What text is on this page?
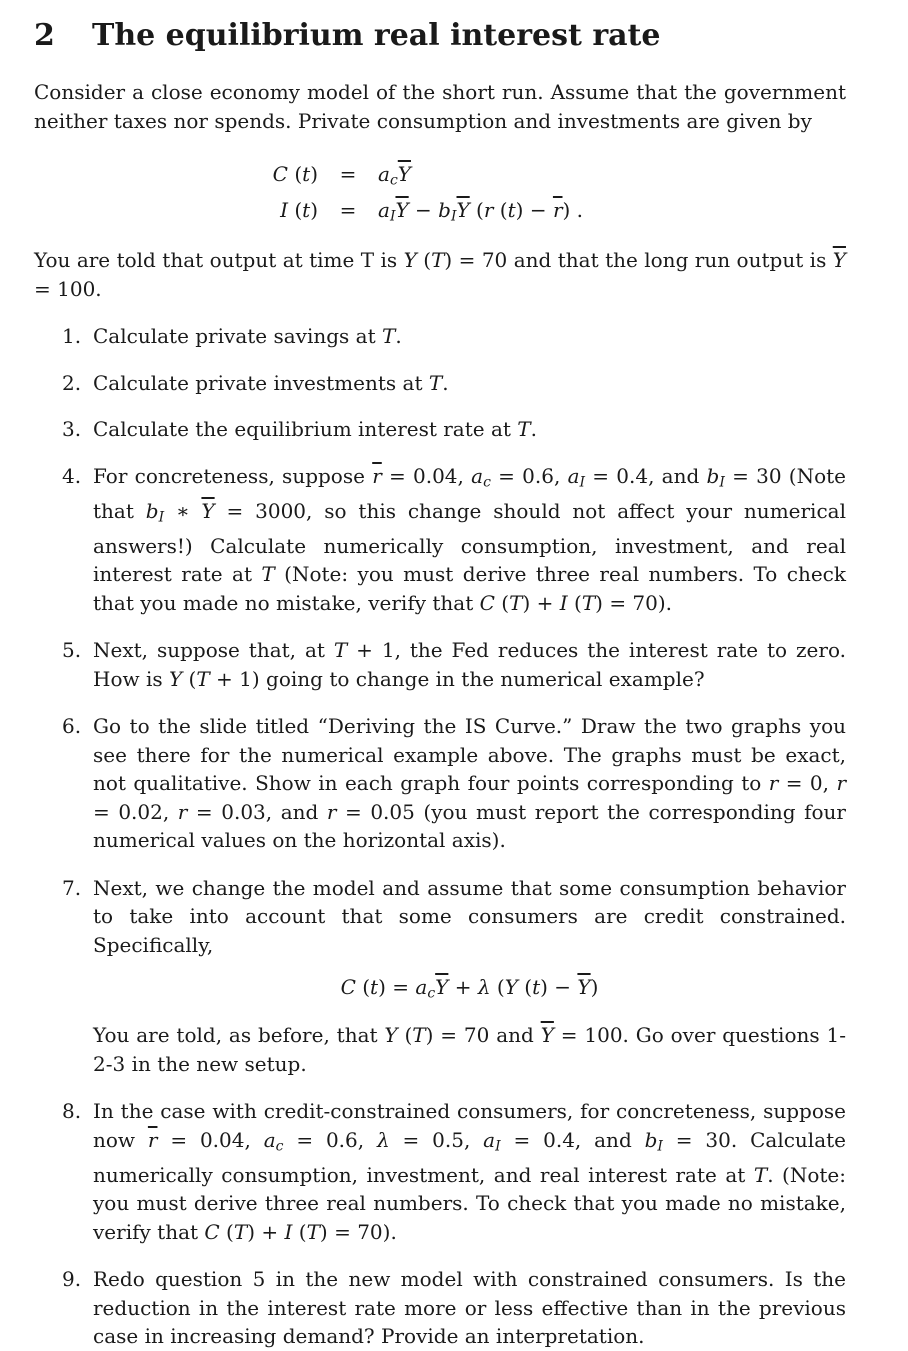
2 The equilibrium real interest rate

Consider a close economy model of the short run. Assume that the government neither taxes nor spends. Private consumption and investments are given by

C (t)	=	$a_c\overline{Y}$
I (t)	=	$a_I\overline{Y} - b_I\overline{Y}$ (r $(t) - \overline{r}$) .

You are told that output at time T is Y (T) = 70 and that the long run output is $\overline{Y} = 100$.

1. Calculate private savings at T.
2. Calculate private investments at T.
3. Calculate the equilibrium interest rate at T.
4. For concreteness, suppose $\overline{r} = 0.04$, $a_c = 0.6$, $a_I = 0.4$, and $b_I = 30$ (Note that $b_I$ ∗ $\overline{Y} = 3000$, so this change should not affect your numerical answers!) Calculate numerically consumption, investment, and real interest rate at T (Note: you must derive three real numbers. To check that you made no mistake, verify that C (T) + I (T) = 70).
5. Next, suppose that, at T + 1, the Fed reduces the interest rate to zero. How is Y (T + 1) going to change in the numerical example?
6. Go to the slide titled “Deriving the IS Curve.” Draw the two graphs you see there for the numerical example above. The graphs must be exact, not qualitative. Show in each graph four points corresponding to r = 0, r = 0.02, r = 0.03, and r = 0.05 (you must report the corresponding four numerical values on the horizontal axis).
7. Next, we change the model and assume that some consumption behavior to take into account that some consumers are credit constrained. Specifically,
C $(t) = a_c\overline{Y} + \lambda$ (Y $(t) - \overline{Y}$)
You are told, as before, that Y (T) = 70 and $\overline{Y} = 100$. Go over questions 1-2-3 in the new setup.
8. In the case with credit-constrained consumers, for concreteness, suppose now $\overline{r} = 0.04$, $a_c = 0.6$, λ = 0.5, $a_I = 0.4$, and $b_I = 30$. Calculate numerically consumption, investment, and real interest rate at T. (Note: you must derive three real numbers. To check that you made no mistake, verify that C (T) + I (T) = 70).
9. Redo question 5 in the new model with constrained consumers. Is the reduction in the interest rate more or less effective than in the previous case in increasing demand? Provide an interpretation.
